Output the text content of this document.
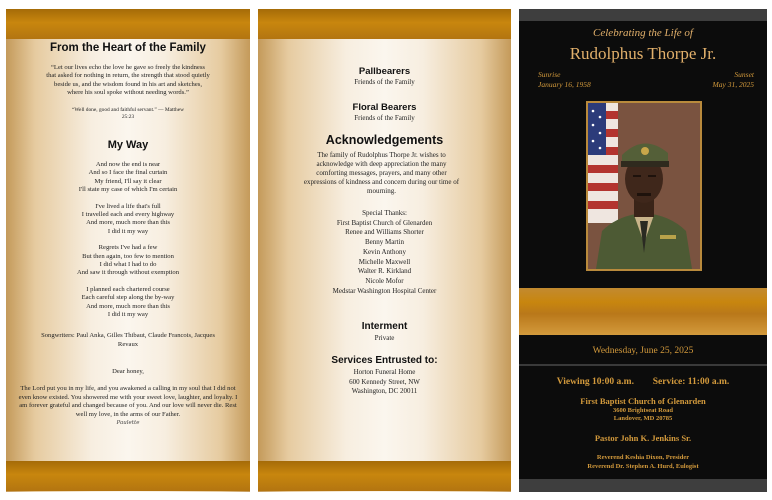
From the Heart of the Family
“Let our lives echo the love he gave so freely the kindness that asked for nothing in return, the strength that stood quietly beside us, and the wisdom found in his art and sketches, where his soul spoke without needing words.”
“Well done, good and faithful servant.” — Matthew 25:23
My Way
And now the end is near
And so I face the final curtain
My friend, I'll say it clear
I'll state my case of which I'm certain
I've lived a life that's full
I travelled each and every highway
And more, much more than this
I did it my way
Regrets I've had a few
But then again, too few to mention
I did what I had to do
And saw it through without exemption
I planned each chartered course
Each careful step along the by-way
And more, much more than this
I did it my way
Songwriters: Paul Anka, Gilles Thibaut, Claude Francois, Jacques Revaux
Dear honey,
The Lord put you in my life, and you awakened a calling in my soul that I did not even know existed. You showered me with your sweet love, laughter, and loyalty. I am forever grateful and changed because of you. And our love will never die. Rest well my love, in the arms of our Father.
Paulette
Pallbearers
Friends of the Family
Floral Bearers
Friends of the Family
Acknowledgements
The family of Rudolphus Thorpe Jr. wishes to acknowledge with deep appreciation the many comforting messages, prayers, and many other expressions of kindness and concern during our time of mourning.
Special Thanks:
First Baptist Church of Glenarden
Renee and Williams Shorter
Benny Martin
Kevin Anthony
Michelle Maxwell
Walter R. Kirkland
Nicole Mofor
Medstar Washington Hospital Center
Interment
Private
Services Entrusted to:
Horton Funeral Home
600 Kennedy Street, NW
Washington, DC 20011
Celebrating the Life of
Rudolphus Thorpe Jr.
Sunrise
January 16, 1958
Sunset
May 31, 2025
Wednesday, June 25, 2025
Viewing 10:00 a.m. Service: 11:00 a.m.
First Baptist Church of Glenarden
3600 Brightseat Road
Landover, MD 20785
Pastor John K. Jenkins Sr.
Reverend Keshia Dixon, Presider
Reverend Dr. Stephen A. Hurd, Eulogist
